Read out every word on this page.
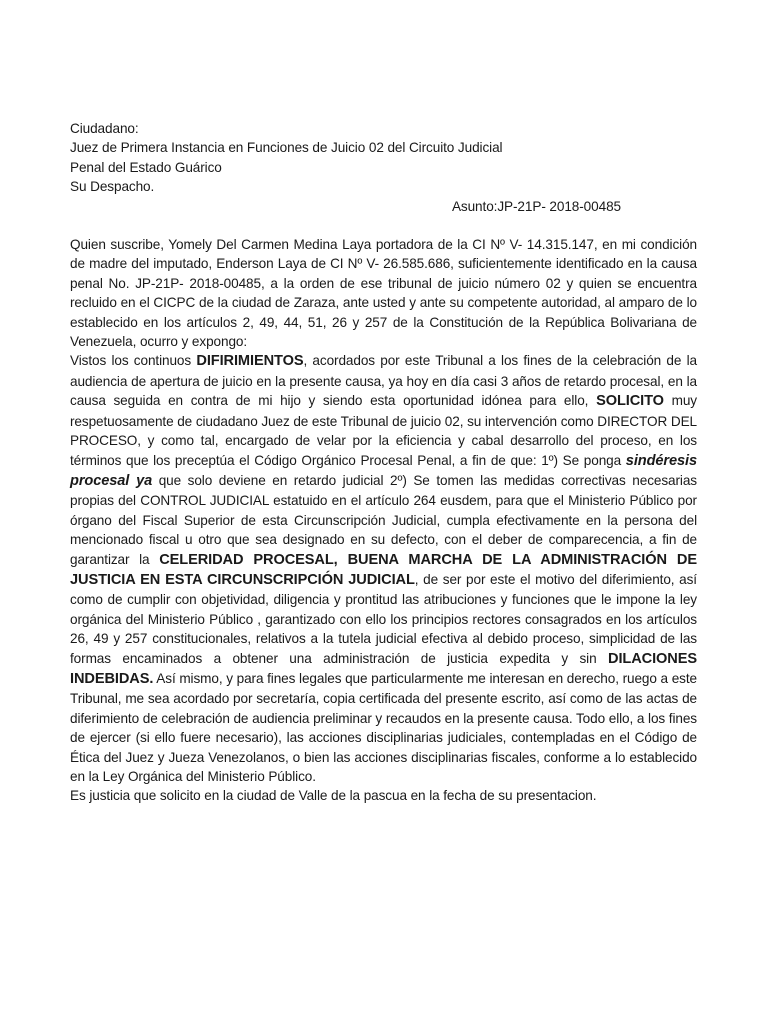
Ciudadano:
Juez de Primera Instancia en Funciones de Juicio 02 del Circuito Judicial
Penal del Estado Guárico
Su Despacho.
Asunto:JP-21P- 2018-00485
Quien suscribe, Yomely Del Carmen Medina Laya portadora de la CI Nº V- 14.315.147, en mi condición de madre del imputado, Enderson Laya de CI Nº V- 26.585.686, suficientemente identificado en la causa penal No. JP-21P- 2018-00485, a la orden de ese tribunal de juicio número 02 y quien se encuentra recluido en el CICPC de la ciudad de Zaraza, ante usted y ante su competente autoridad, al amparo de lo establecido en los artículos 2, 49, 44, 51, 26 y 257 de la Constitución de la República Bolivariana de Venezuela, ocurro y expongo:
Vistos los continuos DIFIRIMIENTOS, acordados por este Tribunal a los fines de la celebración de la audiencia de apertura de juicio en la presente causa, ya hoy en día casi 3 años de retardo procesal, en la causa seguida en contra de mi hijo y siendo esta oportunidad idónea para ello, SOLICITO muy respetuosamente de ciudadano Juez de este Tribunal de juicio 02, su intervención como DIRECTOR DEL PROCESO, y como tal, encargado de velar por la eficiencia y cabal desarrollo del proceso, en los términos que los preceptúa el Código Orgánico Procesal Penal, a fin de que: 1º) Se ponga sindéresis procesal ya que solo deviene en retardo judicial 2º) Se tomen las medidas correctivas necesarias propias del CONTROL JUDICIAL estatuido en el artículo 264 eusdem, para que el Ministerio Público por órgano del Fiscal Superior de esta Circunscripción Judicial, cumpla efectivamente en la persona del mencionado fiscal u otro que sea designado en su defecto, con el deber de comparecencia, a fin de garantizar la CELERIDAD PROCESAL, BUENA MARCHA DE LA ADMINISTRACIÓN DE JUSTICIA EN ESTA CIRCUNSCRIPCIÓN JUDICIAL, de ser por este el motivo del diferimiento, así como de cumplir con objetividad, diligencia y prontitud las atribuciones y funciones que le impone la ley orgánica del Ministerio Público , garantizado con ello los principios rectores consagrados en los artículos 26, 49 y 257 constitucionales, relativos a la tutela judicial efectiva al debido proceso, simplicidad de las formas encaminados a obtener una administración de justicia expedita y sin DILACIONES INDEBIDAS. Así mismo, y para fines legales que particularmente me interesan en derecho, ruego a este Tribunal, me sea acordado por secretaría, copia certificada del presente escrito, así como de las actas de diferimiento de celebración de audiencia preliminar y recaudos en la presente causa. Todo ello, a los fines de ejercer (si ello fuere necesario), las acciones disciplinarias judiciales, contempladas en el Código de Ética del Juez y Jueza Venezolanos, o bien las acciones disciplinarias fiscales, conforme a lo establecido en la Ley Orgánica del Ministerio Público.
Es justicia que solicito en la ciudad de Valle de la pascua en la fecha de su presentacion.
